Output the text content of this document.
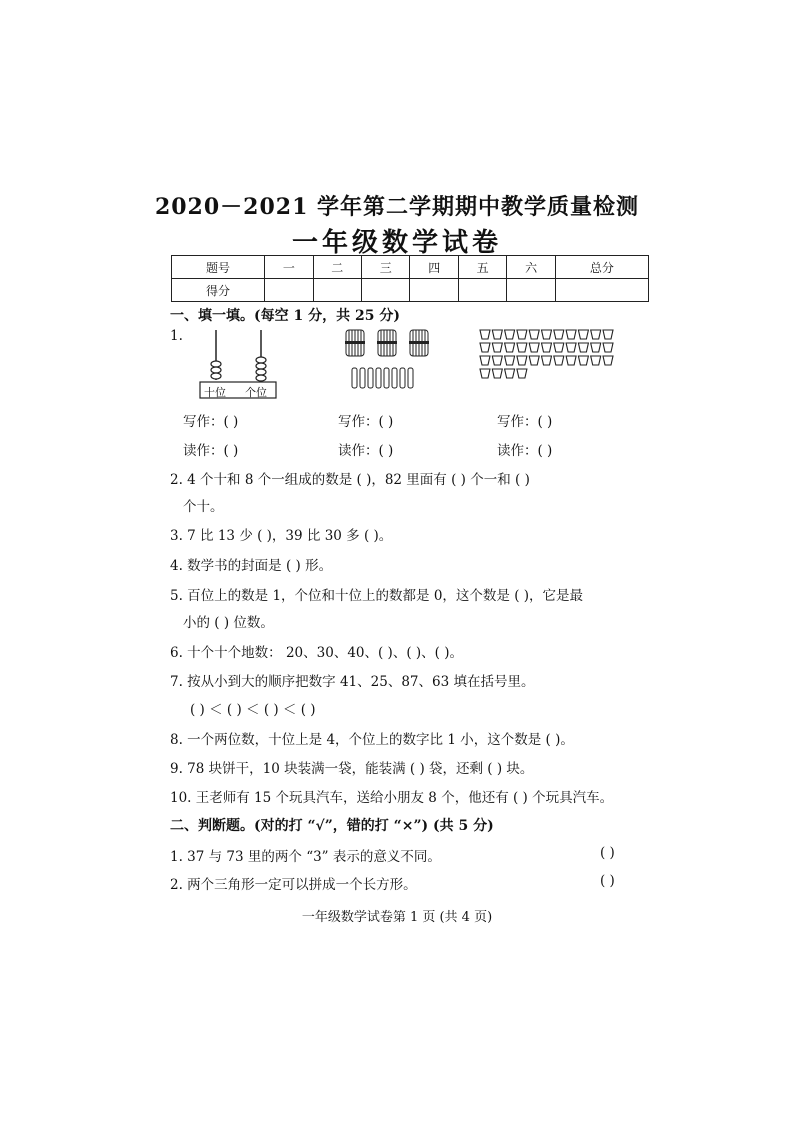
2020－2021 学年第二学期期中教学质量检测
一年级数学试卷
题号	一	二	三	四	五	六	总分
得分							
一、填一填。(每空 1 分，共 25 分)
1.
十位 个位
写作：( )	写作：( )	写作：( )
读作：( )	读作：( )	读作：( )
2. 4 个十和 8 个一组成的数是 ( )，82 里面有 ( ) 个一和 ( )
个十。
3. 7 比 13 少 ( )，39 比 30 多 ( )。
4. 数学书的封面是 ( ) 形。
5. 百位上的数是 1，个位和十位上的数都是 0，这个数是 ( )，它是最
小的 ( ) 位数。
6. 十个十个地数： 20、30、40、( )、( )、( )。
7. 按从小到大的顺序把数字 41、25、87、63 填在括号里。
( ) ＜ ( ) ＜ ( ) ＜ ( )
8. 一个两位数，十位上是 4，个位上的数字比 1 小，这个数是 ( )。
9. 78 块饼干，10 块装满一袋，能装满 ( ) 袋，还剩 ( ) 块。
10. 王老师有 15 个玩具汽车，送给小朋友 8 个，他还有 ( ) 个玩具汽车。
二、判断题。(对的打 “√”，错的打 “×”) (共 5 分)
1. 37 与 73 里的两个 “3” 表示的意义不同。	( )
2. 两个三角形一定可以拼成一个长方形。	( )
一年级数学试卷第 1 页 (共 4 页)
